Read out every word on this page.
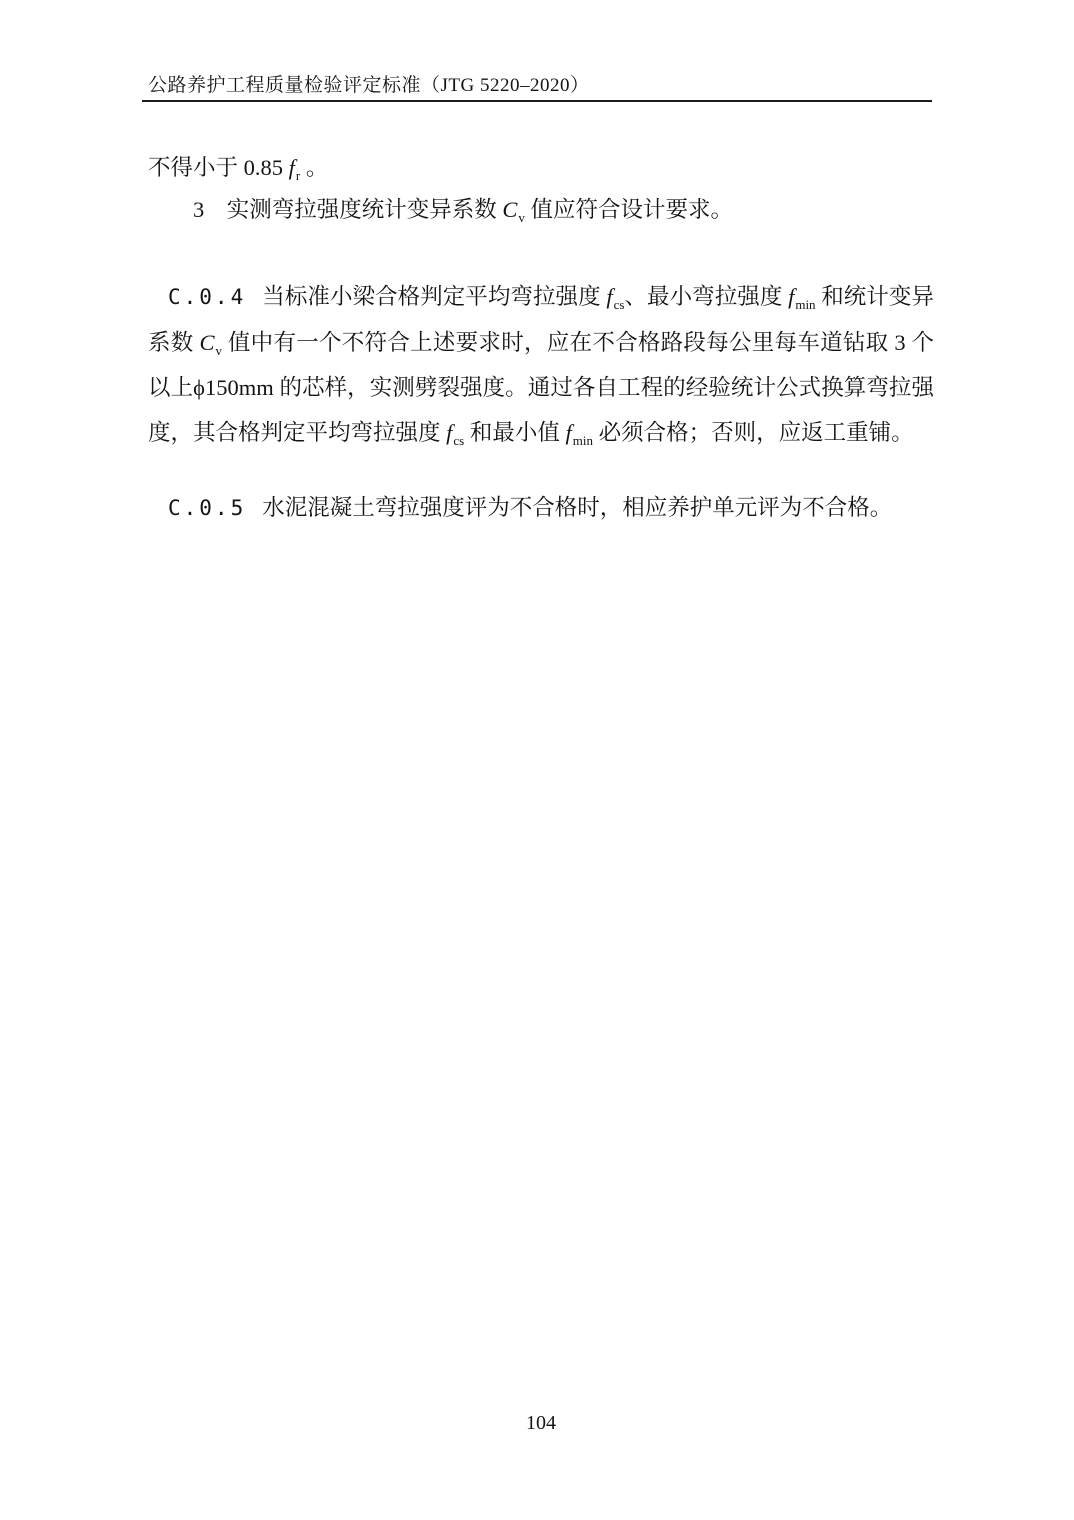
公路养护工程质量检验评定标准（JTG 5220–2020）

不得小于 0.85 $f_r$ 。

　　3　实测弯拉强度统计变异系数 $C_v$ 值应符合设计要求。

C.0.4 当标准小梁合格判定平均弯拉强度 $f_{cs}$、最小弯拉强度 $f_{min}$ 和统计变异系数 $C_v$ 值中有一个不符合上述要求时，应在不合格路段每公里每车道钻取 3 个以上ϕ150mm 的芯样，实测劈裂强度。通过各自工程的经验统计公式换算弯拉强度，其合格判定平均弯拉强度 $f_{cs}$ 和最小值 $f_{min}$ 必须合格；否则，应返工重铺。

C.0.5 水泥混凝土弯拉强度评为不合格时，相应养护单元评为不合格。

104
